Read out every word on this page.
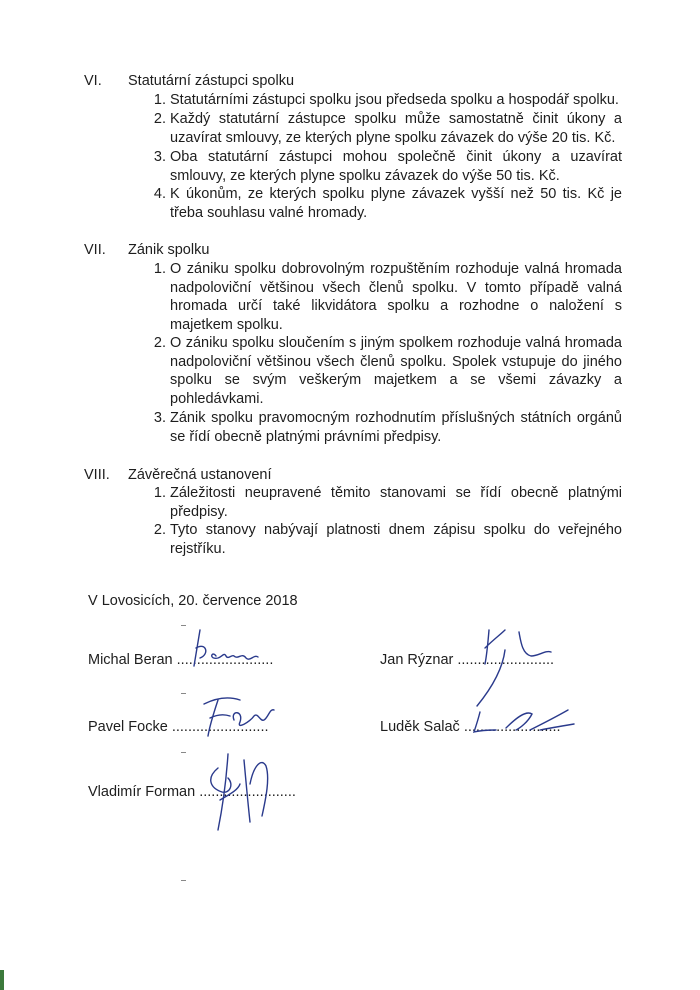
VI. Statutární zástupci spolku
1. Statutárními zástupci spolku jsou předseda spolku a hospodář spolku.
2. Každý statutární zástupce spolku může samostatně činit úkony a uzavírat smlouvy, ze kterých plyne spolku závazek do výše 20 tis. Kč.
3. Oba statutární zástupci mohou společně činit úkony a uzavírat smlouvy, ze kterých plyne spolku závazek do výše 50 tis. Kč.
4. K úkonům, ze kterých spolku plyne závazek vyšší než 50 tis. Kč je třeba souhlasu valné hromady.
VII. Zánik spolku
1. O zániku spolku dobrovolným rozpuštěním rozhoduje valná hromada nadpoloviční většinou všech členů spolku. V tomto případě valná hromada určí také likvidátora spolku a rozhodne o naložení s majetkem spolku.
2. O zániku spolku sloučením s jiným spolkem rozhoduje valná hromada nadpoloviční většinou všech členů spolku. Spolek vstupuje do jiného spolku se svým veškerým majetkem a se všemi závazky a pohledávkami.
3. Zánik spolku pravomocným rozhodnutím příslušných státních orgánů se řídí obecně platnými právními předpisy.
VIII. Závěrečná ustanovení
1. Záležitosti neupravené těmito stanovami se řídí obecně platnými předpisy.
2. Tyto stanovy nabývají platnosti dnem zápisu spolku do veřejného rejstříku.
V Lovosicích, 20. července 2018
Michal Beran ........................	Jan Rýznar ........................
Pavel Focke ........................	Luděk Salač ........................
Vladimír Forman ........................
